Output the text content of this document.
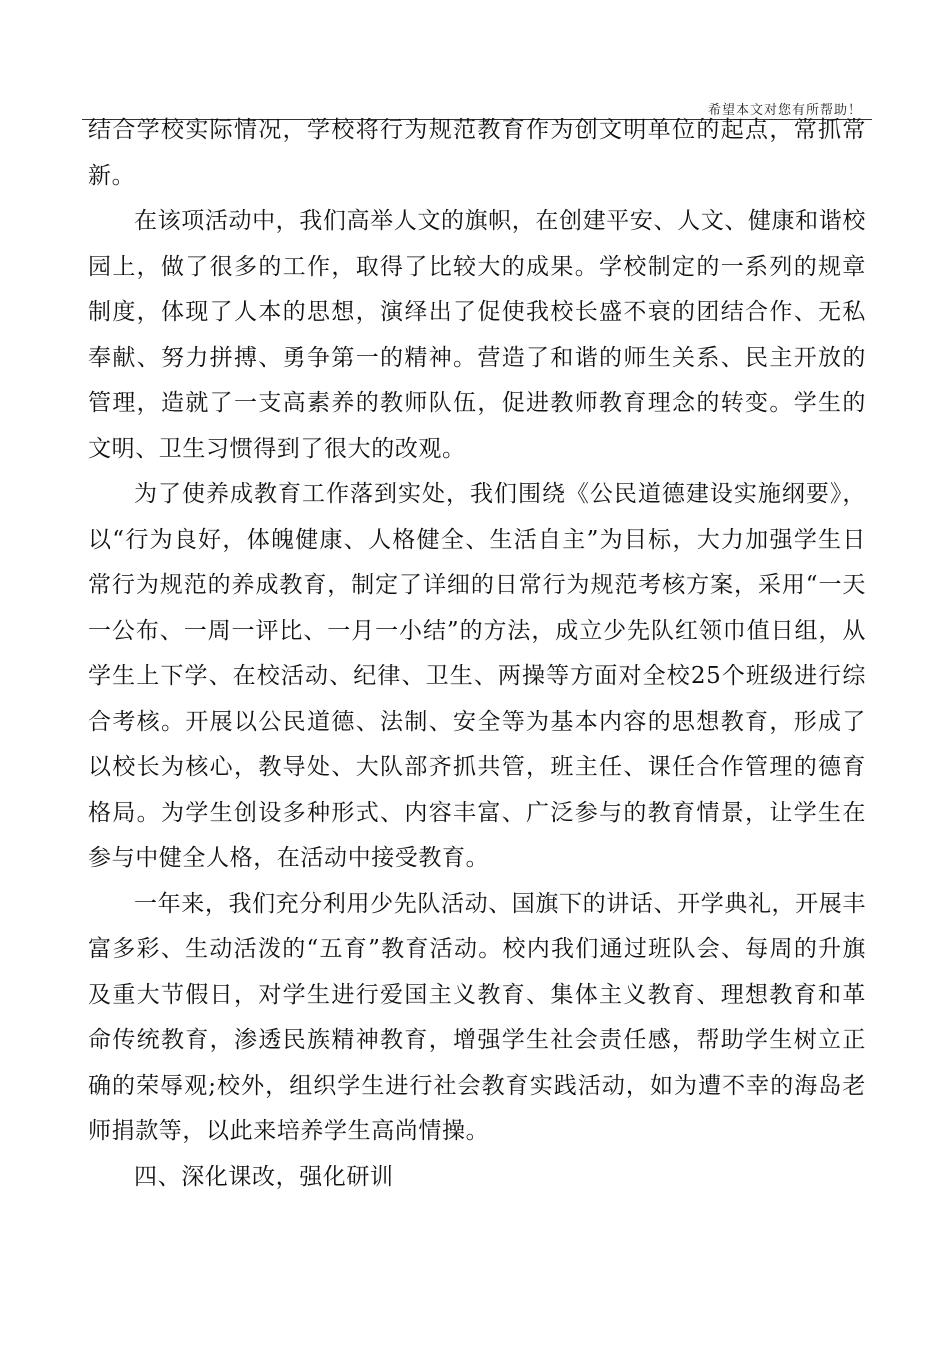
希望本文对您有所帮助！

结合学校实际情况，学校将行为规范教育作为创文明单位的起点，常抓常新。

在该项活动中，我们高举人文的旗帜，在创建平安、人文、健康和谐校园上，做了很多的工作，取得了比较大的成果。学校制定的一系列的规章制度，体现了人本的思想，演绎出了促使我校长盛不衰的团结合作、无私奉献、努力拼搏、勇争第一的精神。营造了和谐的师生关系、民主开放的管理，造就了一支高素养的教师队伍，促进教师教育理念的转变。学生的文明、卫生习惯得到了很大的改观。

为了使养成教育工作落到实处，我们围绕《公民道德建设实施纲要》，以“行为良好，体魄健康、人格健全、生活自主”为目标，大力加强学生日常行为规范的养成教育，制定了详细的日常行为规范考核方案，采用“一天一公布、一周一评比、一月一小结”的方法，成立少先队红领巾值日组，从学生上下学、在校活动、纪律、卫生、两操等方面对全校25个班级进行综合考核。开展以公民道德、法制、安全等为基本内容的思想教育，形成了以校长为核心，教导处、大队部齐抓共管，班主任、课任合作管理的德育格局。为学生创设多种形式、内容丰富、广泛参与的教育情景，让学生在参与中健全人格，在活动中接受教育。

一年来，我们充分利用少先队活动、国旗下的讲话、开学典礼，开展丰富多彩、生动活泼的“五育”教育活动。校内我们通过班队会、每周的升旗及重大节假日，对学生进行爱国主义教育、集体主义教育、理想教育和革命传统教育，渗透民族精神教育，增强学生社会责任感，帮助学生树立正确的荣辱观;校外，组织学生进行社会教育实践活动，如为遭不幸的海岛老师捐款等，以此来培养学生高尚情操。

四、深化课改，强化研训
